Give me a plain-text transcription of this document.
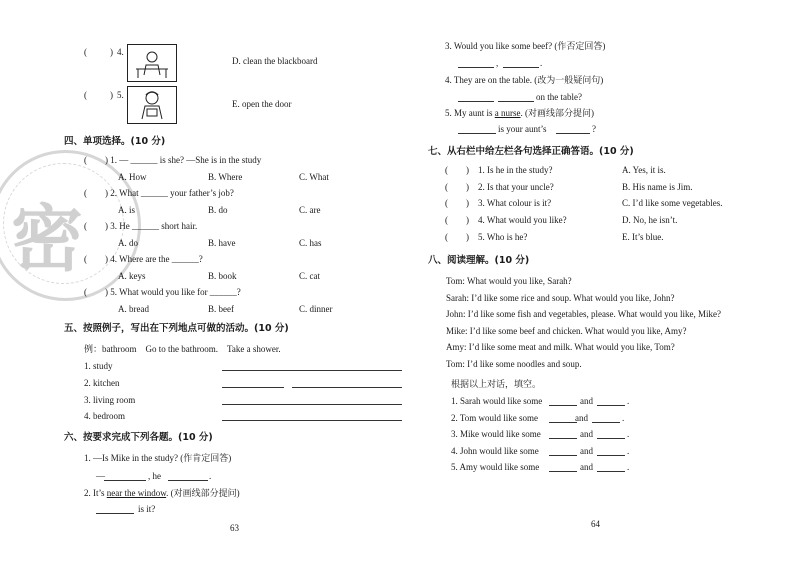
密
(	) 4.
D. clean the blackboard
(	) 5.
E. open the door
四、单项选择。(10 分)
(　　) 1. — ______ is she? —She is in the study
A. How	B. Where	C. What
(　　) 2. What ______ your father’s job?
A. is	B. do	C. are
(　　) 3. He ______ short hair.
A. do	B. have	C. has
(　　) 4. Where are the ______?
A. keys	B. book	C. cat
(　　) 5. What would you like for ______?
A. bread	B. beef	C. dinner
五、按照例子，写出在下列地点可做的活动。(10 分)
例：bathroom　Go to the bathroom.　Take a shower.
1. study
2. kitchen
3. living room
4. bedroom
六、按要求完成下列各题。(10 分)
1. —Is Mike in the study? (作肯定回答)
—	, he	.
2. It’s near the window. (对画线部分提问)
is it?
63
3. Would you like some beef? (作否定回答)
,	.
4. They are on the table. (改为一般疑问句)
on the table?
5. My aunt is a nurse. (对画线部分提问)
is your aunt’s	?
七、从右栏中给左栏各句选择正确答语。(10 分)
(　　) 1. Is he in the study?	A. Yes, it is.
(　　) 2. Is that your uncle?	B. His name is Jim.
(　　) 3. What colour is it?	C. I’d like some vegetables.
(　　) 4. What would you like?	D. No, he isn’t.
(　　) 5. Who is he?	E. It’s blue.
八、阅读理解。(10 分)
Tom: What would you like, Sarah?
Sarah: I’d like some rice and soup. What would you like, John?
John: I’d like some fish and vegetables, please. What would you like, Mike?
Mike: I’d like some beef and chicken. What would you like, Amy?
Amy: I’d like some meat and milk. What would you like, Tom?
Tom: I’d like some noodles and soup.
根据以上对话，填空。
1. Sarah would like some	and	.
2. Tom would like some	and	.
3. Mike would like some	and	.
4. John would like some	and	.
5. Amy would like some	and	.
64
